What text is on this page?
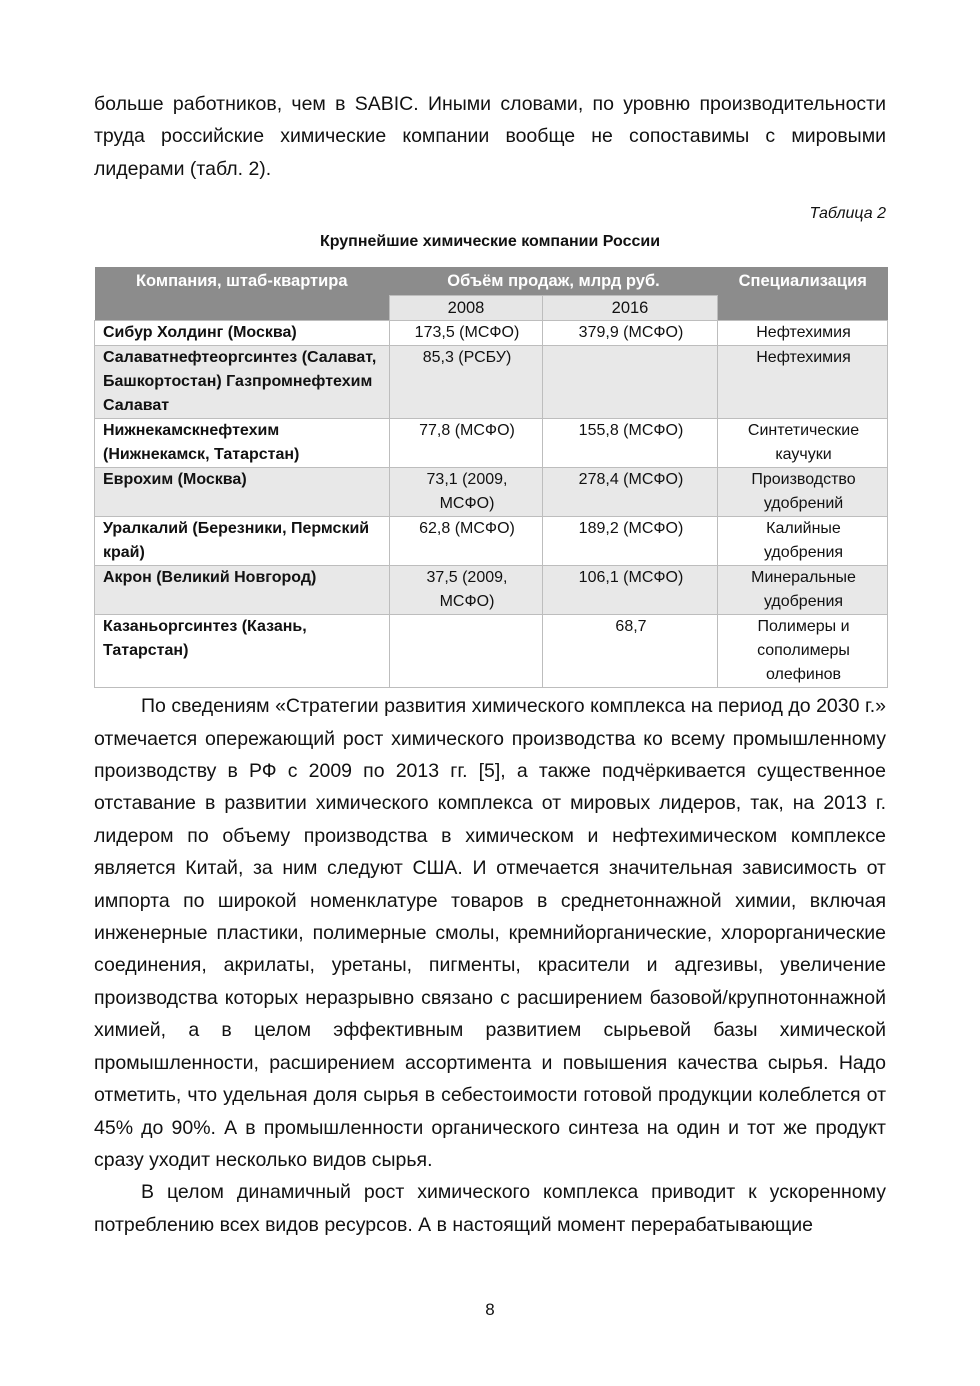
больше работников, чем в SABIC. Иными словами, по уровню производительности труда российские химические компании вообще не сопоставимы с мировыми лидерами (табл. 2).

Таблица 2
Крупнейшие химические компании России
Компания, штаб-квартира	Объём продаж, млрд руб.		Специализация
	2008	2016	
Сибур Холдинг (Москва)	173,5 (МСФО)	379,9 (МСФО)	Нефтехимия
Салаватнефтеоргсинтез (Салават, Башкортостан) Газпромнефтехим Салават	85,3 (РСБУ)		Нефтехимия
Нижнекамскнефтехим (Нижнекамск, Татарстан)	77,8 (МСФО)	155,8 (МСФО)	Синтетические каучуки
Еврохим (Москва)	73,1 (2009, МСФО)	278,4 (МСФО)	Производство удобрений
Уралкалий (Березники, Пермский край)	62,8 (МСФО)	189,2 (МСФО)	Калийные удобрения
Акрон (Великий Новгород)	37,5 (2009, МСФО)	106,1 (МСФО)	Минеральные удобрения
Казаньоргсинтез (Казань, Татарстан)		68,7	Полимеры и сополимеры олефинов

По сведениям «Стратегии развития химического комплекса на период до 2030 г.» отмечается опережающий рост химического производства ко всему промышленному производству в РФ с 2009 по 2013 гг. [5], а также подчёркивается существенное отставание в развитии химического комплекса от мировых лидеров, так, на 2013 г. лидером по объему производства в химическом и нефтехимическом комплексе является Китай, за ним следуют США. И отмечается значительная зависимость от импорта по широкой номенклатуре товаров в среднетоннажной химии, включая инженерные пластики, полимерные смолы, кремнийорганические, хлорорганические соединения, акрилаты, уретаны, пигменты, красители и адгезивы, увеличение производства которых неразрывно связано с расширением базовой/крупнотоннажной химией, а в целом эффективным развитием сырьевой базы химической промышленности, расширением ассортимента и повышения качества сырья. Надо отметить, что удельная доля сырья в себестоимости готовой продукции колеблется от 45% до 90%. А в промышленности органического синтеза на один и тот же продукт сразу уходит несколько видов сырья.

В целом динамичный рост химического комплекса приводит к ускоренному потреблению всех видов ресурсов. А в настоящий момент перерабатывающие

8
